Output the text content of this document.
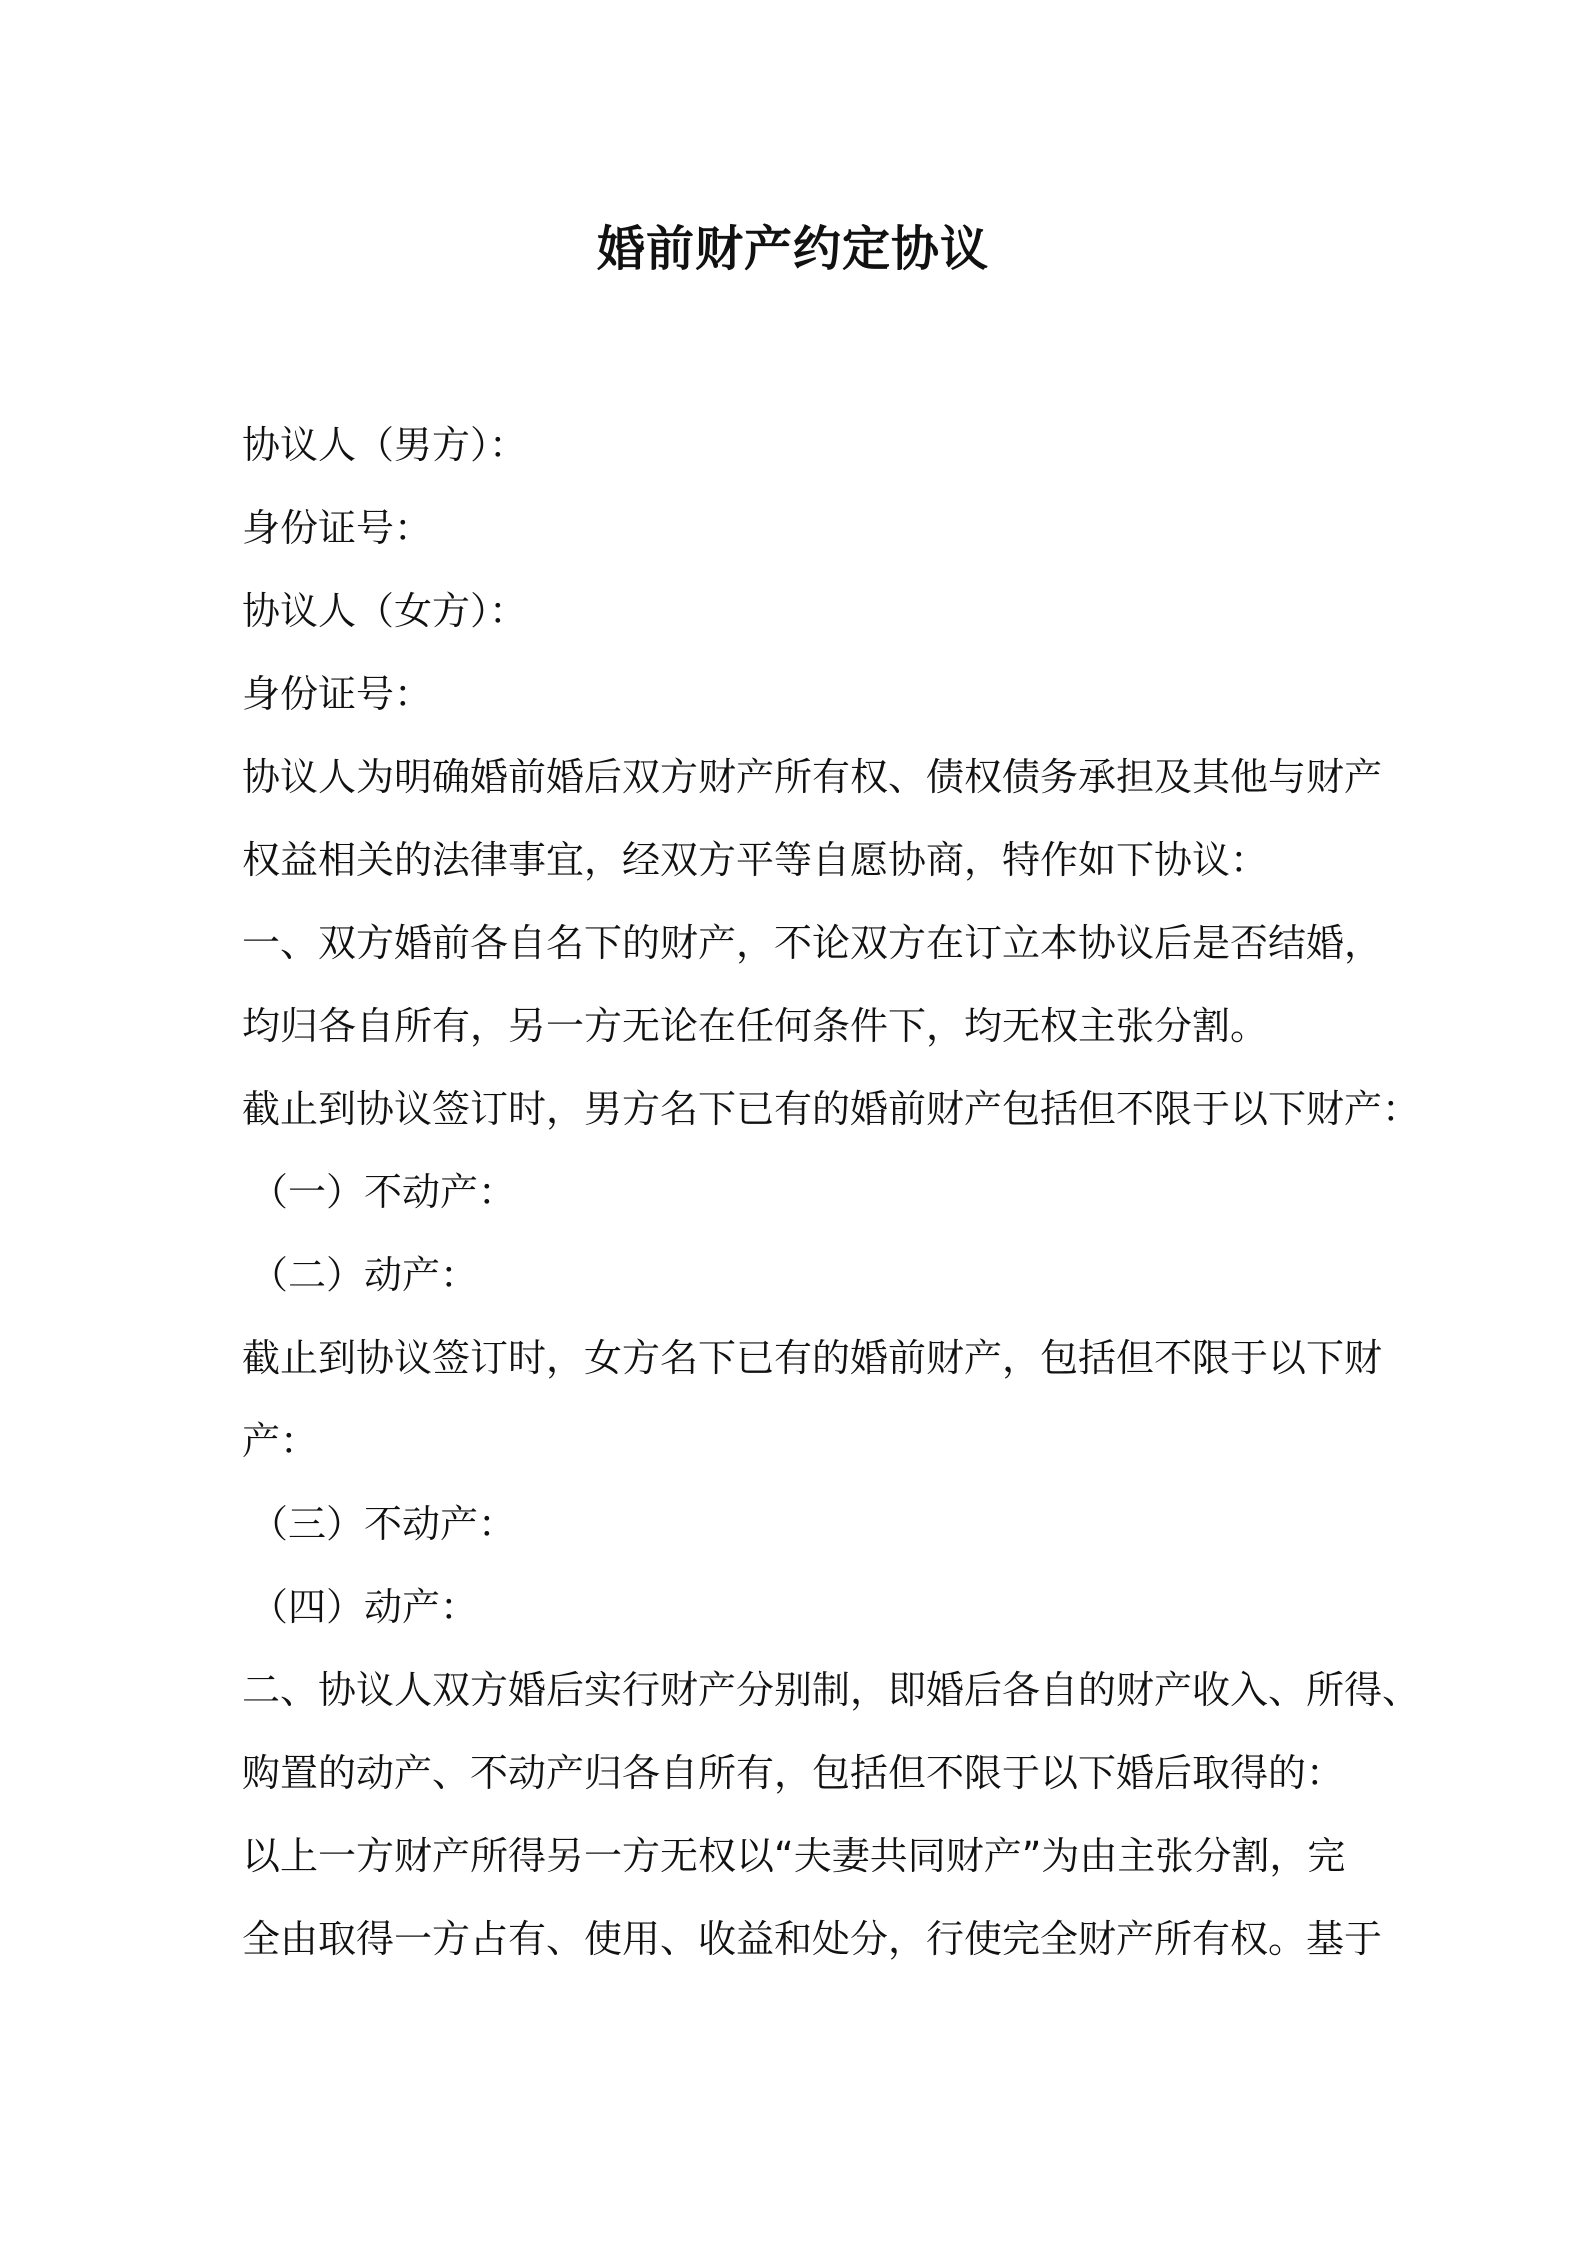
婚前财产约定协议
协议人（男方）：
身份证号：
协议人（女方）：
身份证号：
协议人为明确婚前婚后双方财产所有权、债权债务承担及其他与财产
权益相关的法律事宜，经双方平等自愿协商，特作如下协议：
一、双方婚前各自名下的财产，不论双方在订立本协议后是否结婚，
均归各自所有，另一方无论在任何条件下，均无权主张分割。
截止到协议签订时，男方名下已有的婚前财产包括但不限于以下财产：
（一）不动产：
（二）动产：
截止到协议签订时，女方名下已有的婚前财产，包括但不限于以下财
产：
（三）不动产：
（四）动产：
二、协议人双方婚后实行财产分别制，即婚后各自的财产收入、所得、
购置的动产、不动产归各自所有，包括但不限于以下婚后取得的：
以上一方财产所得另一方无权以“夫妻共同财产”为由主张分割，完
全由取得一方占有、使用、收益和处分，行使完全财产所有权。基于
